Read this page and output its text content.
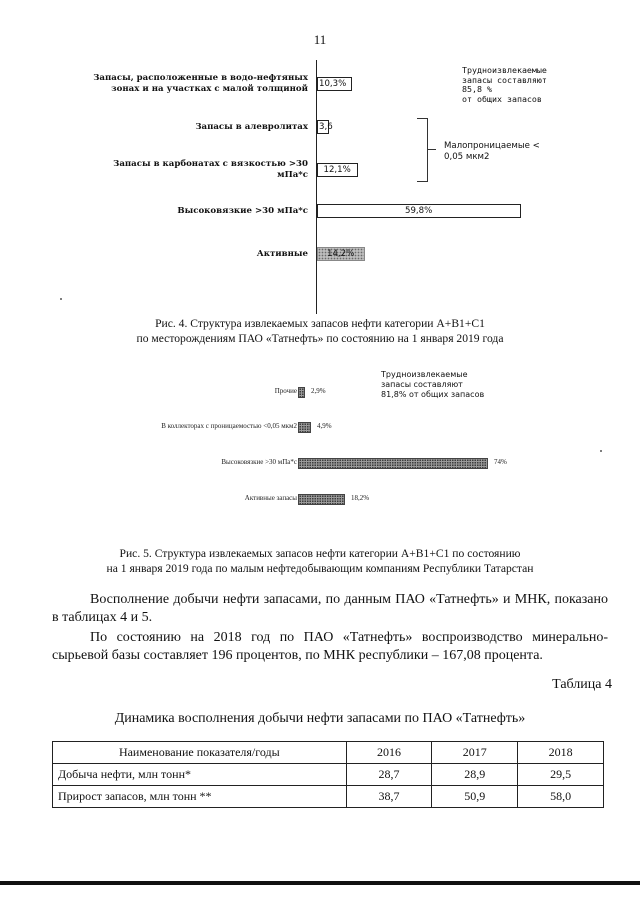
11
Запасы, расположенные в водо-нефтяных
зонах и на участках с малой толщиной 10,3%
Запасы в алевролитах 3,6
Запасы в карбонатах с вязкостью >30
мПа*с 12,1%
Высоковязкие >30 мПа*с	59,8%
Активные 14,2%
Трудноизвлекаемые
запасы составляют
85,8 %
от общих запасов
Малопроницаемые <
0,05 мкм2
Рис. 4. Структура извлекаемых запасов нефти категории А+В1+С1
по месторождениям ПАО «Татнефть» по состоянию на 1 января 2019 года
Прочие 2,9%
В коллекторах с проницаемостью <0,05 мкм2	4,9%
Высоковязкие >30 мПа*с	74%
Активные запасы	18,2%
Трудноизвлекаемые
запасы составляют
81,8% от общих запасов
Рис. 5. Структура извлекаемых запасов нефти категории А+В1+С1 по состоянию
на 1 января 2019 года по малым нефтедобывающим компаниям Республики Татарстан
Восполнение добычи нефти запасами, по данным ПАО «Татнефть» и МНК, показано в таблицах 4 и 5.
По состоянию на 2018 год по ПАО «Татнефть» воспроизводство минерально-сырьевой базы составляет 196 процентов, по МНК республики – 167,08 процента.
Таблица 4
Динамика восполнения добычи нефти запасами по ПАО «Татнефть»
Наименование показателя/годы	2016	2017	2018
Добыча нефти, млн тонн*	28,7	28,9	29,5
Прирост запасов, млн тонн **	38,7	50,9	58,0
